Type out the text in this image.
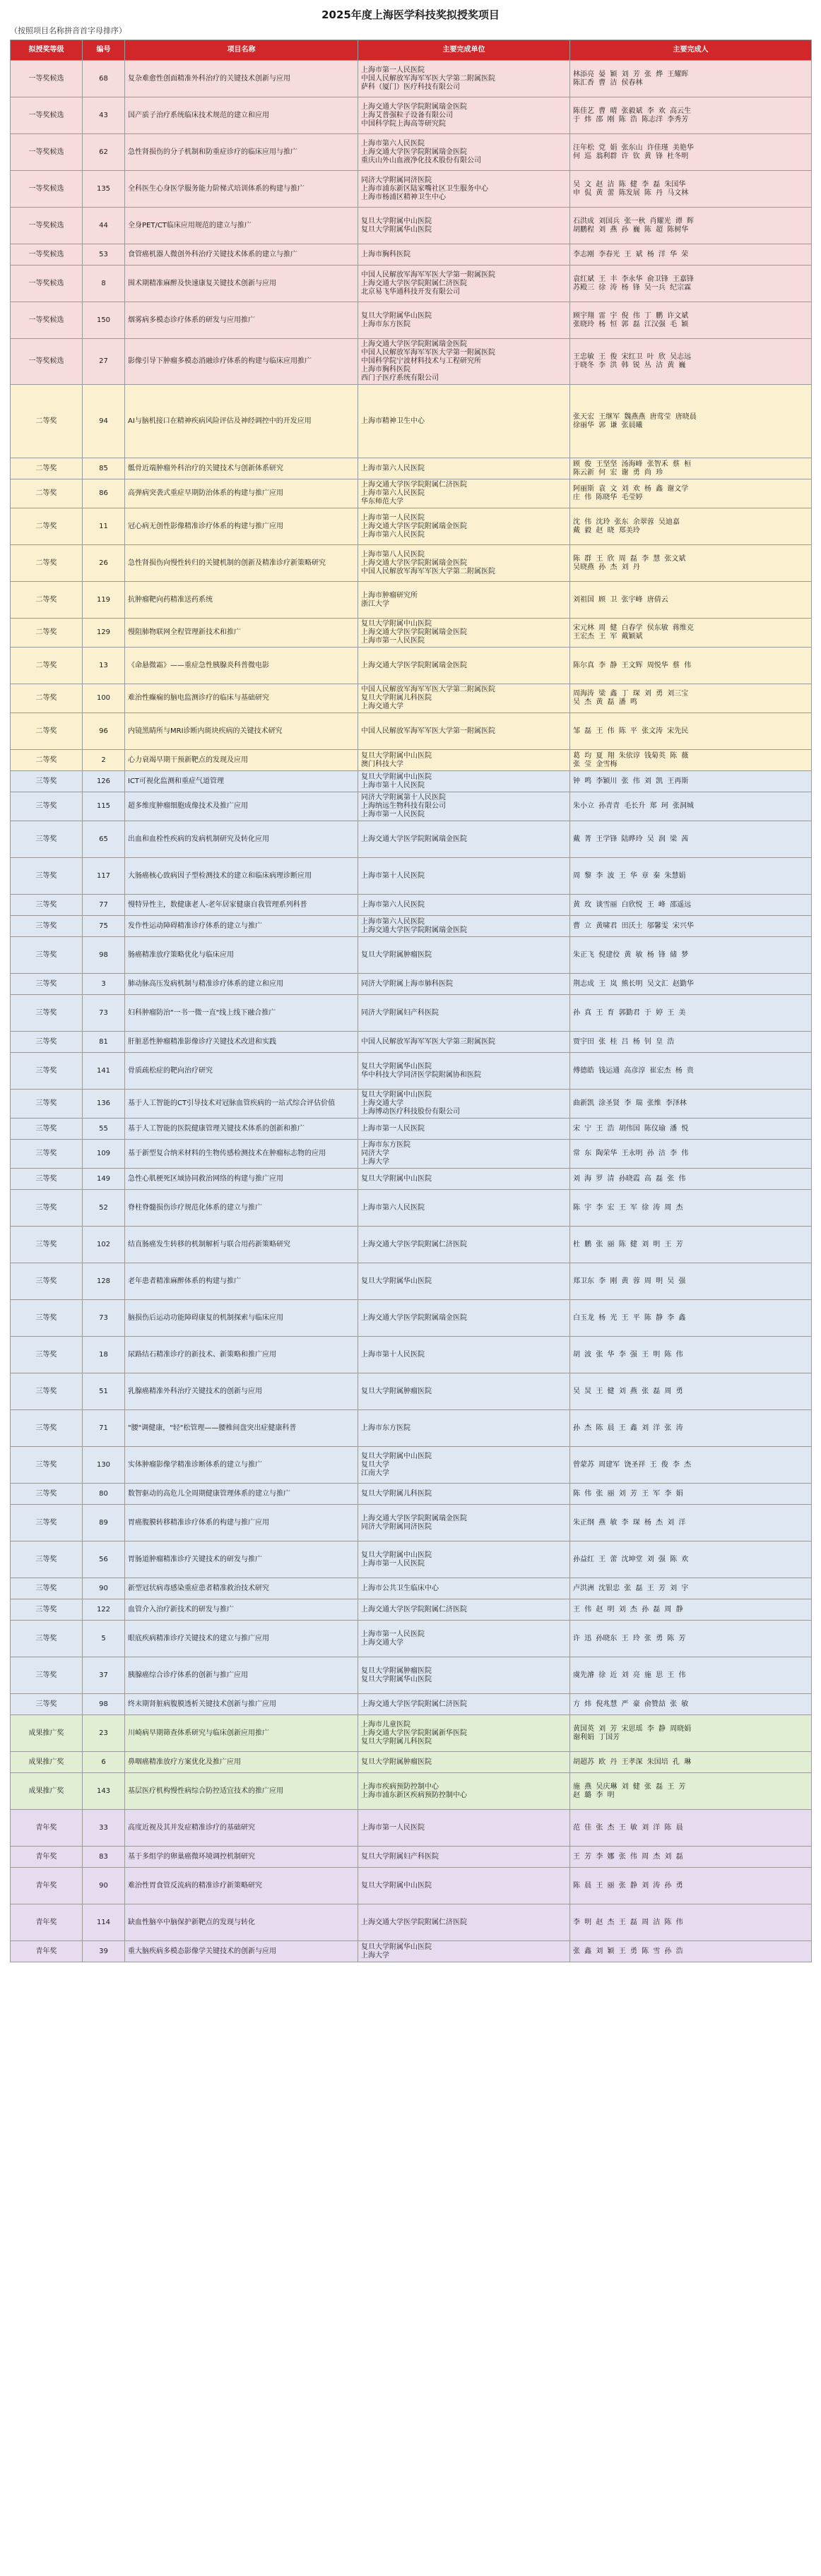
2025年度上海医学科技奖拟授奖项目
（按照项目名称拼音首字母排序）
拟授奖等级	编号	项目名称	主要完成单位	主要完成人

一等奖候选	68	复杂难愈性创面精准外科治疗的关键技术创新与应用	上海市第一人民医院
中国人民解放军海军军医大学第二附属医院
萨科（厦门）医疗科技有限公司	林添亮 晏 颖 刘 芳 张 烨 王耀晖
陈汇香 曹 洁 侯春林

一等奖候选	43	国产质子治疗系统临床技术规范的建立和应用	上海交通大学医学院附属瑞金医院
上海艾普强粒子设备有限公司
中国科学院上海高等研究院	陈佳艺 曹 晴 张毅斌 李 欢 高云生
于 炜 邵 刚 陈 浩 陈志洋 李秀芳

一等奖候选	62	急性肾损伤的分子机制和防重症诊疗的临床应用与推广	上海市第六人民医院
上海交通大学医学院附属瑞金医院
重庆山外山血液净化技术股份有限公司	汪年松 党 娟 张东山 许佳瑾 美艳华
何 巡 翁利群 许 钦 黄 锋 杜冬明

一等奖候选	135	全科医生心身医学服务能力阶梯式培训体系的构建与推广	同济大学附属同济医院
上海市浦东新区陆家嘴社区卫生服务中心
上海市杨浦区精神卫生中心	吴 文 赵 洁 陈 健 李 磊 朱国华
申 侃 黄 蕾 陈发展 陈 丹 马文林

一等奖候选	44	全身PET/CT临床应用规范的建立与推广	复旦大学附属中山医院
复旦大学附属华山医院	石洪成 刘国兵 张一秋 肖耀光 谭 辉
胡鹏程 刘 燕 孙 巍 陈 超 陈树华

一等奖候选	53	食管癌机器人微创外科治疗关键技术体系的建立与推广	上海市胸科医院	李志刚 李春光 王 斌 杨 洋 华 荣

一等奖候选	8	围术期精准麻醉及快速康复关键技术创新与应用	中国人民解放军海军军医大学第一附属医院
上海交通大学医学院附属仁济医院
北京易飞华通科技开发有限公司	袁红斌 王 丰 李永华 俞卫锋 王嘉锋
苏殿三 徐 涛 杨 锋 吴一兵 纪宗霖

一等奖候选	150	烟雾病多模态诊疗体系的研发与应用推广	复旦大学附属华山医院
上海市东方医院	顾宇翔 雷 宇 倪 伟 丁 鹏 许文斌
张晓玲 杨 恒 郭 磊 江汉强 毛 颖

一等奖候选	27	影像引导下肿瘤多模态消融诊疗体系的构建与临床应用推广	上海交通大学医学院附属瑞金医院
中国人民解放军海军军医大学第一附属医院
中国科学院宁波材料技术与工程研究所
上海市胸科医院
西门子医疗系统有限公司	王忠敏 王 俊 宋红卫 叶 欣 吴志远
于晓冬 李 洪 韩 锐 丛 洁 黄 巍

二等奖	94	AI与脑机接口在精神疾病风险评估及神经调控中的开发应用	上海市精神卫生中心	张天宏 王继军 魏燕燕 唐莺莹 唐晓晨
徐丽华 郭 谦 张晨曦

二等奖	85	骶骨近端肿瘤外科治疗的关键技术与创新体系研究	上海市第六人民医院	顾 俊 王坚坚 汤海峰 张智禾 蔡 桓
陈云新 何 宏 谢 勇 尚 珍

二等奖	86	高弹病突袭式重症早期防治体系的构建与推广应用	上海交通大学医学院附属仁济医院
上海市第六人民医院
华东师范大学	阿丽斯 袁 文 刘 欢 杨 鑫 谢文学
庄 伟 陈晓华 毛莹婷

二等奖	11	冠心病无创性影像精准诊疗体系的构建与推广应用	上海市第一人民医院
上海交通大学医学院附属瑞金医院
上海市第六人民医院	沈 伟 沈玲 张东 余翠蓉 吴迪嘉
戴 毅 赵 晓 郑美玲

二等奖	26	急性肾损伤向慢性转归的关键机制的创新及精准诊疗新策略研究	上海市第八人民医院
上海交通大学医学院附属瑞金医院
中国人民解放军海军军医大学第二附属医院	陈 群 王 欣 周 磊 李 慧 张文斌
吴晓燕 孙 杰 刘 丹

二等奖	119	抗肿瘤靶向药精准送药系统	上海市肿瘤研究所
浙江大学	刘祖国 顾 卫 张宇峰 唐倩云

二等奖	129	慢阻肺物联网全程管理新技术和推广	复旦大学附属中山医院
上海交通大学医学院附属瑞金医院
上海市第一人民医院	宋元林 周 健 白春学 侯东敏 蒋维克
王宏杰 王 军 戴颖斌

二等奖	13	《命悬微霜》——重症急性胰腺炎科普微电影	上海交通大学医学院附属瑞金医院	陈尔真 李 静 王文辉 周悦华 蔡 伟

二等奖	100	难治性癫痫的脑电监测诊疗的临床与基础研究	中国人民解放军海军军医大学第二附属医院
复旦大学附属儿科医院
上海交通大学	周海涛 梁 鑫 丁 琛 刘 勇 刘三宝
吴 杰 黄 磊 潘 鸣

二等奖	96	内镜黑睛所与MRI诊断内斑块疾病的关键技术研究	中国人民解放军海军军医大学第一附属医院	邹 磊 王 伟 陈 平 张文涛 宋先民

二等奖	2	心力衰竭早期干预新靶点的发现及应用	复旦大学附属中山医院
澳门科技大学	葛 均 夏 翔 朱依谆 钱菊英 陈 薇
张 莹 金雪梅

三等奖	126	ICT可视化监测和重症气道管理	复旦大学附属中山医院
上海市第十人民医院	钟 鸣 李颖川 张 伟 刘 凯 王再斯

三等奖	115	超多维度肿瘤细胞成像技术及推广应用	同济大学附属第十人民医院
上海纳远生物科技有限公司
上海市第一人民医院	朱小立 孙青青 毛长升 郑 珂 张洞城

三等奖	65	出血和血栓性疾病的发病机制研究及转化应用	上海交通大学医学院附属瑞金医院	戴 菁 王学锋 陆晔玲 吴 润 梁 茜

三等奖	117	大肠癌核心致病因子型检测技术的建立和临床病理诊断应用	上海市第十人民医院	周 黎 李 波 王 华 章 秦 朱慧娟

三等奖	77	慢特异性主，数健康老人-老年居家健康自我管理系列科普	上海市第六人民医院	黄 玫 谈雪丽 白欣悦 王 峰 邵遥远

三等奖	75	发作性运动障碍精准诊疗体系的建立与推广	上海市第六人民医院
上海交通大学医学院附属瑞金医院	曹 立 黄啸君 田沃土 邬馨雯 宋兴华

三等奖	98	肠癌精准放疗策略优化与临床应用	复旦大学附属肿瘤医院	朱正飞 倪建佼 黄 敏 杨 锋 储 梦

三等奖	3	肺动脉高压发病机制与精准诊疗体系的建立和应用	同济大学附属上海市肺科医院	荆志成 王 岚 熊长明 吴文汇 赵勤华

三等奖	73	妇科肿瘤防治"一书一微一直"线上线下融合推广	同济大学附属妇产科医院	孙 真 王 育 郭勤君 于 婷 王 美

三等奖	81	肝脏恶性肿瘤精准影像诊疗关键技术改进和实践	中国人民解放军海军军医大学第三附属医院	贾宇田 张 桂 吕 杨 钊 皇 浩

三等奖	141	骨质疏松症的靶向治疗研究	复旦大学附属华山医院
华中科技大学同济医学院附属协和医院	傅德皓 钱运通 高彦淳 崔宏杰 杨 贵

三等奖	136	基于人工智能的CT引导技术对冠脉血管疾病的一站式综合评估价值	复旦大学附属中山医院
上海交通大学
上海博动医疗科技股份有限公司	曲新凯 涂圣贤 李 瑞 张维 李泽林

三等奖	55	基于人工智能的医院健康管理关键技术体系的创新和推广	上海市第一人民医院	宋 宁 王 浩 胡伟国 陈仪瑜 潘 悦

三等奖	109	基于新型复合纳米材料的生物传感检测技术在肿瘤标志物的应用	上海市东方医院
同济大学
上海大学	常 东 陶荣华 王永明 孙 洁 李 伟

三等奖	149	急性心肌梗死区域协同救治网络的构建与推广应用	复旦大学附属中山医院	刘 海 罗 清 孙晓霞 高 磊 张 伟

三等奖	52	脊柱脊髓损伤诊疗规范化体系的建立与推广	上海市第六人民医院	陈 宇 李 宏 王 军 徐 涛 周 杰

三等奖	102	结直肠癌发生转移的机制解析与联合用药新策略研究	上海交通大学医学院附属仁济医院	杜 鹏 张 丽 陈 健 刘 明 王 芳

三等奖	128	老年患者精准麻醉体系的构建与推广	复旦大学附属华山医院	郑卫东 李 刚 黄 蓉 周 明 吴 强

三等奖	73	脑损伤后运动功能障碍康复的机制探索与临床应用	上海交通大学医学院附属瑞金医院	白玉龙 杨 光 王 平 陈 静 李 鑫

三等奖	18	尿路结石精准诊疗的新技术、新策略和推广应用	上海市第十人民医院	胡 波 张 华 李 强 王 明 陈 伟

三等奖	51	乳腺癌精准外科治疗关键技术的创新与应用	复旦大学附属肿瘤医院	吴 炅 王 健 刘 燕 张 磊 周 勇

三等奖	71	"腰"调健康，"轻"松管理——腰椎间盘突出症健康科普	上海市东方医院	孙 杰 陈 晨 王 鑫 刘 洋 张 涛

三等奖	130	实体肿瘤影像学精准诊断体系的建立与推广	复旦大学附属中山医院
复旦大学
江南大学	曾蒙苏 周建军 饶圣祥 王 俊 李 杰

三等奖	80	数智驱动的高危儿全周期健康管理体系的建立与推广	复旦大学附属儿科医院	陈 伟 张 丽 刘 芳 王 军 李 娟

三等奖	89	胃癌腹膜转移精准诊疗体系的构建与推广应用	上海交通大学医学院附属瑞金医院
同济大学附属同济医院	朱正纲 燕 敏 李 琛 杨 杰 刘 洋

三等奖	56	胃肠道肿瘤精准诊疗关键技术的研发与推广	复旦大学附属中山医院
上海市第一人民医院	孙益红 王 蕾 沈坤堂 刘 强 陈 欢

三等奖	90	新型冠状病毒感染重症患者精准救治技术研究	上海市公共卫生临床中心	卢洪洲 沈银忠 张 磊 王 芳 刘 宇

三等奖	122	血管介入治疗新技术的研发与推广	上海交通大学医学院附属仁济医院	王 伟 赵 明 刘 杰 孙 磊 周 静

三等奖	5	眼底疾病精准诊疗关键技术的建立与推广应用	上海市第一人民医院
上海交通大学	许 迅 孙晓东 王 玲 张 勇 陈 芳

三等奖	37	胰腺癌综合诊疗体系的创新与推广应用	复旦大学附属肿瘤医院
复旦大学附属华山医院	虞先濬 徐 近 刘 亮 施 思 王 伟

三等奖	98	终末期肾脏病腹膜透析关键技术创新与推广应用	上海交通大学医学院附属仁济医院	方 炜 倪兆慧 严 豪 俞赞喆 张 敏

成果推广奖	23	川崎病早期筛查体系研究与临床创新应用推广	上海市儿童医院
上海交通大学医学院附属新华医院
复旦大学附属儿科医院	黄国英 刘 芳 宋思瑶 李 静 周晓娟
谢利娟 丁国芳

成果推广奖	6	鼻咽癌精准放疗方案优化及推广应用	复旦大学附属肿瘤医院	胡超苏 欧 丹 王孝深 朱国培 孔 琳

成果推广奖	143	基层医疗机构慢性病综合防控适宜技术的推广应用	上海市疾病预防控制中心
上海市浦东新区疾病预防控制中心	施 燕 吴庆琳 刘 健 张 磊 王 芳
赵 璐 李 明

青年奖	33	高度近视及其并发症精准诊疗的基础研究	上海市第一人民医院	范 佳 张 杰 王 敏 刘 洋 陈 晨

青年奖	83	基于多组学的卵巢癌微环境调控机制研究	复旦大学附属妇产科医院	王 芳 李 娜 张 伟 周 杰 刘 磊

青年奖	90	难治性胃食管反流病的精准诊疗新策略研究	复旦大学附属中山医院	陈 晨 王 丽 张 静 刘 涛 孙 勇

青年奖	114	缺血性脑卒中脑保护新靶点的发现与转化	上海交通大学医学院附属仁济医院	李 明 赵 杰 王 磊 周 洁 陈 伟

青年奖	39	重大脑疾病多模态影像学关键技术的创新与应用	复旦大学附属华山医院
上海大学	张 鑫 刘 颖 王 勇 陈 雪 孙 浩
